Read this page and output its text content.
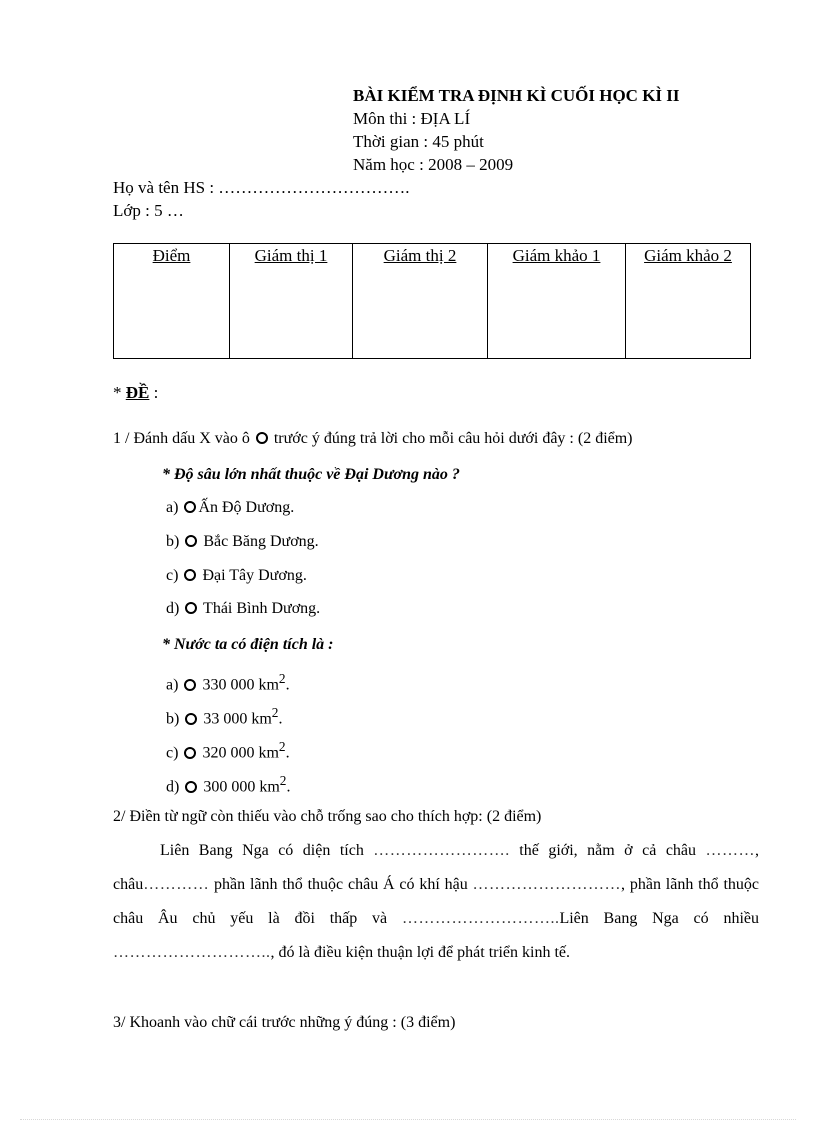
BÀI KIỂM TRA ĐỊNH KÌ CUỐI HỌC KÌ II
Môn thi : ĐỊA LÍ
Thời gian : 45 phút
Năm học : 2008 – 2009
Họ và tên HS : …………………………….
Lớp : 5 …
Điểm	Giám thị 1	Giám thị 2	Giám khảo 1	Giám khảo 2
* ĐỀ :
1 / Đánh dấu X vào ô  trước ý đúng trả lời cho mỗi câu hỏi dưới đây : (2 điểm)
* Độ sâu lớn nhất thuộc về Đại Dương nào ?
a) Ấn Độ Dương.
b) Bắc Băng Dương.
c) Đại Tây Dương.
d) Thái Bình Dương.
* Nước ta có điện tích là :
a) 330 000 $km^2$.
b) 33 000 $km^2$.
c) 320 000 $km^2$.
d) 300 000 $km^2$.
2/ Điền từ ngữ còn thiếu vào chỗ trống sao cho thích hợp: (2 điểm)
Liên Bang Nga có diện tích ……………………. thế giới, nằm ở cả châu ………, châu………… phần lãnh thổ thuộc châu Á có khí hậu ………………………, phần lãnh thổ thuộc châu Âu chủ yếu là đồi thấp và ………………………..Liên Bang Nga có nhiều ……………………….., đó là điều kiện thuận lợi để phát triển kinh tế.
3/ Khoanh vào chữ cái trước những ý đúng : (3 điểm)
